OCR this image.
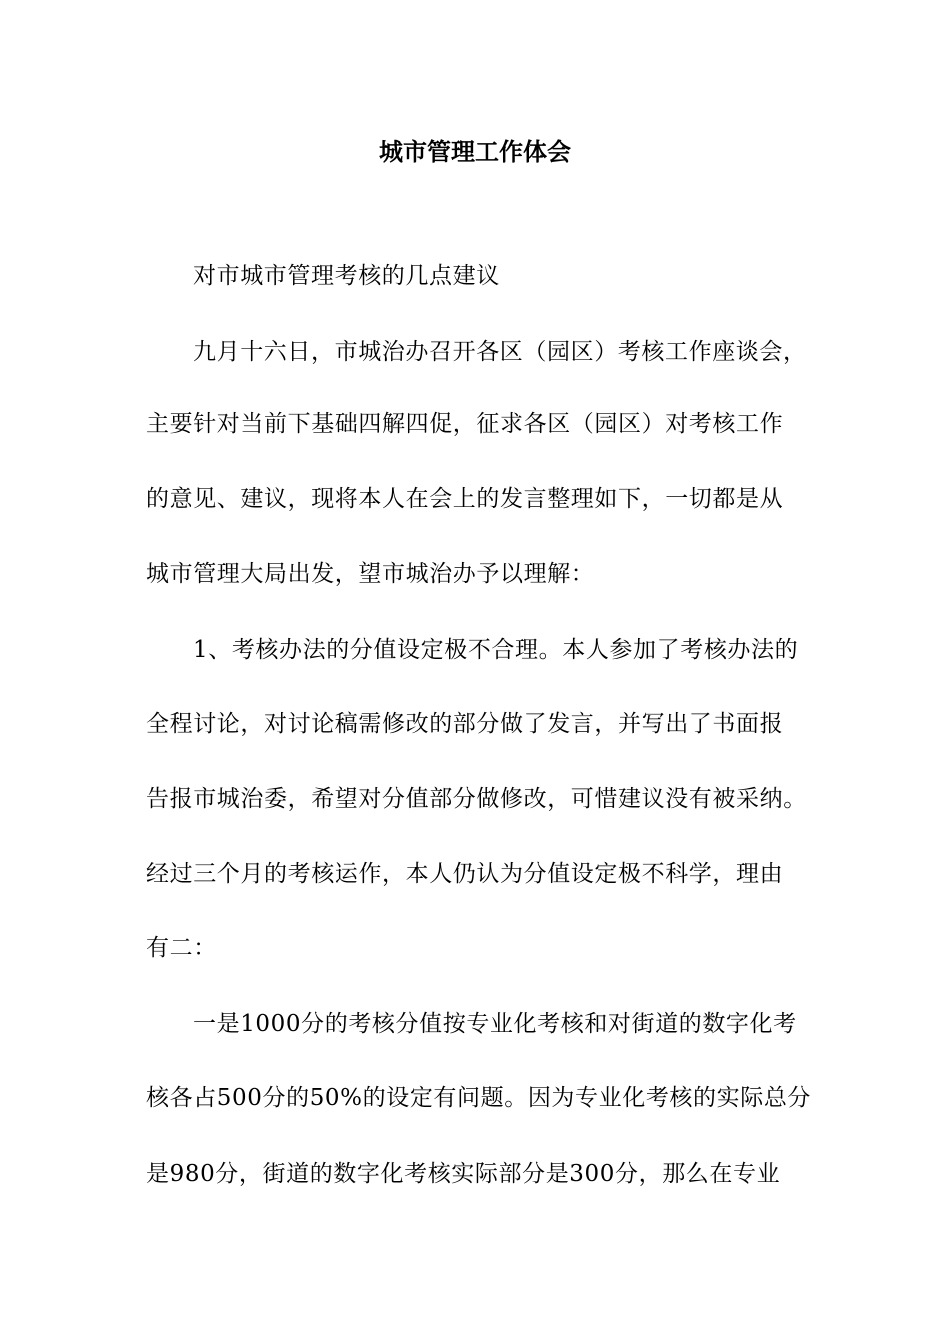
城市管理工作体会
对市城市管理考核的几点建议
九月十六日，市城治办召开各区（园区）考核工作座谈会，
主要针对当前下基础四解四促，征求各区（园区）对考核工作
的意见、建议，现将本人在会上的发言整理如下，一切都是从
城市管理大局出发，望市城治办予以理解：
1、考核办法的分值设定极不合理。本人参加了考核办法的
全程讨论，对讨论稿需修改的部分做了发言，并写出了书面报
告报市城治委，希望对分值部分做修改，可惜建议没有被采纳。
经过三个月的考核运作，本人仍认为分值设定极不科学，理由
有二：
一是1000分的考核分值按专业化考核和对街道的数字化考
核各占500分的50%的设定有问题。因为专业化考核的实际总分
是980分，街道的数字化考核实际部分是300分，那么在专业
